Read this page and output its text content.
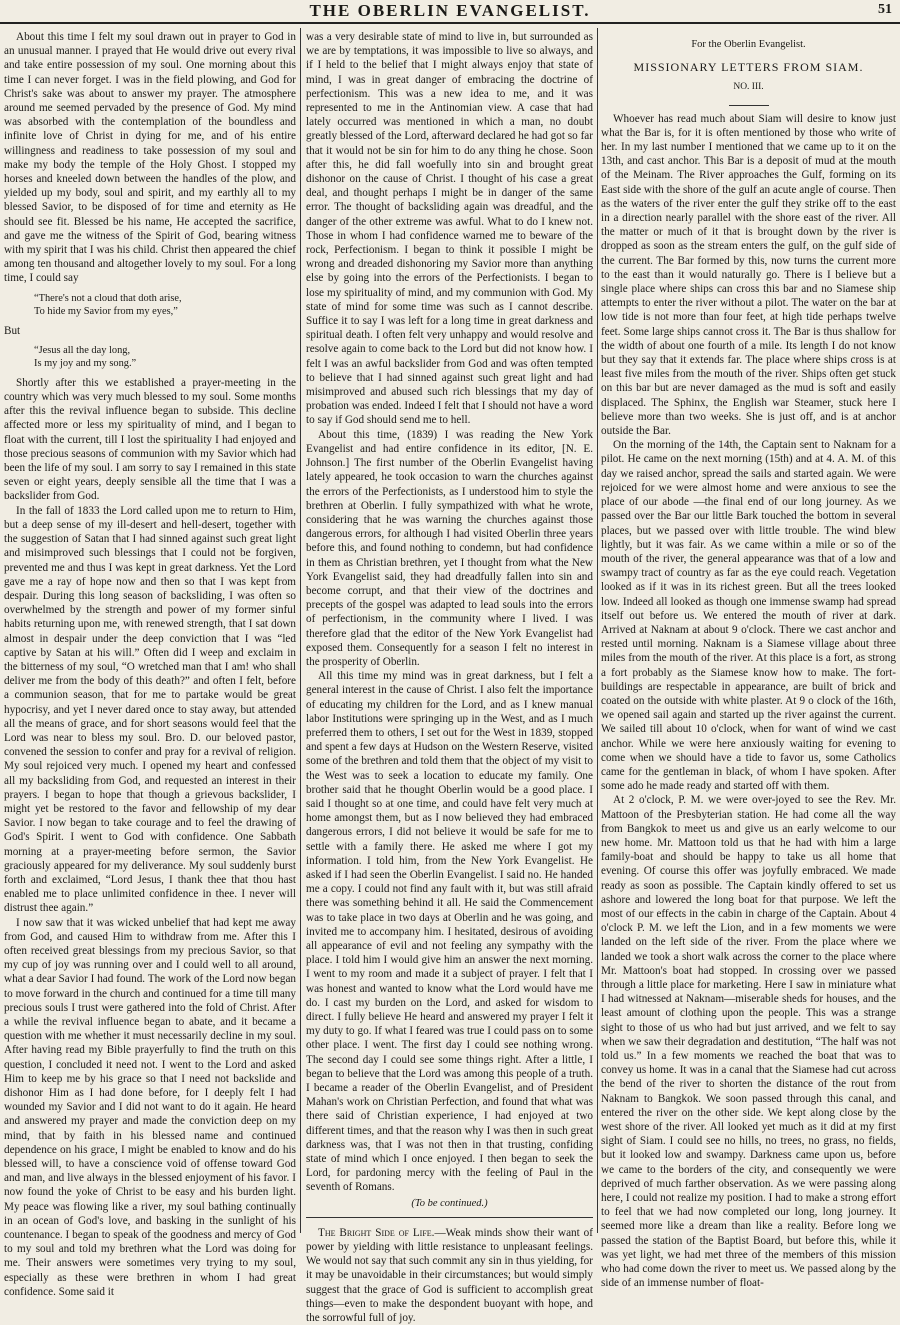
THE OBERLIN EVANGELIST.	51

About this time I felt my soul drawn out in prayer to God in an unusual manner. I prayed that He would drive out every rival and take entire possession of my soul. One morning about this time I can never forget. I was in the field plowing, and God for Christ's sake was about to answer my prayer. The atmosphere around me seemed pervaded by the presence of God. My mind was absorbed with the contemplation of the boundless and infinite love of Christ in dying for me, and of his entire willingness and readiness to take possession of my soul and make my body the temple of the Holy Ghost. I stopped my horses and kneeled down between the handles of the plow, and yielded up my body, soul and spirit, and my earthly all to my blessed Savior, to be disposed of for time and eternity as He should see fit. Blessed be his name, He accepted the sacrifice, and gave me the witness of the Spirit of God, bearing witness with my spirit that I was his child. Christ then appeared the chief among ten thousand and altogether lovely to my soul. For a long time, I could say

“There's not a cloud that doth arise,
To hide my Savior from my eyes,”

But

“Jesus all the day long,
Is my joy and my song.”

Shortly after this we established a prayer-meeting in the country which was very much blessed to my soul. Some months after this the revival influence began to subside. This decline affected more or less my spirituality of mind, and I began to float with the current, till I lost the spirituality I had enjoyed and those precious seasons of communion with my Savior which had been the life of my soul. I am sorry to say I remained in this state seven or eight years, deeply sensible all the time that I was a backslider from God.

In the fall of 1833 the Lord called upon me to return to Him, but a deep sense of my ill-desert and hell-desert, together with the suggestion of Satan that I had sinned against such great light and misimproved such blessings that I could not be forgiven, prevented me and thus I was kept in great darkness. Yet the Lord gave me a ray of hope now and then so that I was kept from despair. During this long season of backsliding, I was often so overwhelmed by the strength and power of my former sinful habits returning upon me, with renewed strength, that I sat down almost in despair under the deep conviction that I was “led captive by Satan at his will.” Often did I weep and exclaim in the bitterness of my soul, “O wretched man that I am! who shall deliver me from the body of this death?” and often I felt, before a communion season, that for me to partake would be great hypocrisy, and yet I never dared once to stay away, but attended all the means of grace, and for short seasons would feel that the Lord was near to bless my soul. Bro. D. our beloved pastor, convened the session to confer and pray for a revival of religion. My soul rejoiced very much. I opened my heart and confessed all my backsliding from God, and requested an interest in their prayers. I began to hope that though a grievous backslider, I might yet be restored to the favor and fellowship of my dear Savior. I now began to take courage and to feel the drawing of God's Spirit. I went to God with confidence. One Sabbath morning at a prayer-meeting before sermon, the Savior graciously appeared for my deliverance. My soul suddenly burst forth and exclaimed, “Lord Jesus, I thank thee that thou hast enabled me to place unlimited confidence in thee. I never will distrust thee again.”

I now saw that it was wicked unbelief that had kept me away from God, and caused Him to withdraw from me. After this I often received great blessings from my precious Savior, so that my cup of joy was running over and I could well to all around, what a dear Savior I had found. The work of the Lord now began to move forward in the church and continued for a time till many precious souls I trust were gathered into the fold of Christ. After a while the revival influence began to abate, and it became a question with me whether it must necessarily decline in my soul. After having read my Bible prayerfully to find the truth on this question, I concluded it need not. I went to the Lord and asked Him to keep me by his grace so that I need not backslide and dishonor Him as I had done before, for I deeply felt I had wounded my Savior and I did not want to do it again. He heard and answered my prayer and made the conviction deep on my mind, that by faith in his blessed name and continued dependence on his grace, I might be enabled to know and do his blessed will, to have a conscience void of offense toward God and man, and live always in the blessed enjoyment of his favor. I now found the yoke of Christ to be easy and his burden light. My peace was flowing like a river, my soul bathing continually in an ocean of God's love, and basking in the sunlight of his countenance. I began to speak of the goodness and mercy of God to my soul and told my brethren what the Lord was doing for me. Their answers were sometimes very trying to my soul, especially as these were brethren in whom I had great confidence. Some said it

was a very desirable state of mind to live in, but surrounded as we are by temptations, it was impossible to live so always, and if I held to the belief that I might always enjoy that state of mind, I was in great danger of embracing the doctrine of perfectionism. This was a new idea to me, and it was represented to me in the Antinomian view. A case that had lately occurred was mentioned in which a man, no doubt greatly blessed of the Lord, afterward declared he had got so far that it would not be sin for him to do any thing he chose. Soon after this, he did fall woefully into sin and brought great dishonor on the cause of Christ. I thought of his case a great deal, and thought perhaps I might be in danger of the same error. The thought of backsliding again was dreadful, and the danger of the other extreme was awful. What to do I knew not. Those in whom I had confidence warned me to beware of the rock, Perfectionism. I began to think it possible I might be wrong and dreaded dishonoring my Savior more than anything else by going into the errors of the Perfectionists. I began to lose my spirituality of mind, and my communion with God. My state of mind for some time was such as I cannot describe. Suffice it to say I was left for a long time in great darkness and spiritual death. I often felt very unhappy and would resolve and resolve again to come back to the Lord but did not know how. I felt I was an awful backslider from God and was often tempted to believe that I had sinned against such great light and had misimproved and abused such rich blessings that my day of probation was ended. Indeed I felt that I should not have a word to say if God should send me to hell.

About this time, (1839) I was reading the New York Evangelist and had entire confidence in its editor, [N. E. Johnson.] The first number of the Oberlin Evangelist having lately appeared, he took occasion to warn the churches against the errors of the Perfectionists, as I understood him to style the brethren at Oberlin. I fully sympathized with what he wrote, considering that he was warning the churches against those dangerous errors, for although I had visited Oberlin three years before this, and found nothing to condemn, but had confidence in them as Christian brethren, yet I thought from what the New York Evangelist said, they had dreadfully fallen into sin and become corrupt, and that their view of the doctrines and precepts of the gospel was adapted to lead souls into the errors of perfectionism, in the community where I lived. I was therefore glad that the editor of the New York Evangelist had exposed them. Consequently for a season I felt no interest in the prosperity of Oberlin.

All this time my mind was in great darkness, but I felt a general interest in the cause of Christ. I also felt the importance of educating my children for the Lord, and as I knew manual labor Institutions were springing up in the West, and as I much preferred them to others, I set out for the West in 1839, stopped and spent a few days at Hudson on the Western Reserve, visited some of the brethren and told them that the object of my visit to the West was to seek a location to educate my family. One brother said that he thought Oberlin would be a good place. I said I thought so at one time, and could have felt very much at home amongst them, but as I now believed they had embraced dangerous errors, I did not believe it would be safe for me to settle with a family there. He asked me where I got my information. I told him, from the New York Evangelist. He asked if I had seen the Oberlin Evangelist. I said no. He handed me a copy. I could not find any fault with it, but was still afraid there was something behind it all. He said the Commencement was to take place in two days at Oberlin and he was going, and invited me to accompany him. I hesitated, desirous of avoiding all appearance of evil and not feeling any sympathy with the place. I told him I would give him an answer the next morning. I went to my room and made it a subject of prayer. I felt that I was honest and wanted to know what the Lord would have me do. I cast my burden on the Lord, and asked for wisdom to direct. I fully believe He heard and answered my prayer I felt it my duty to go. If what I feared was true I could pass on to some other place. I went. The first day I could see nothing wrong. The second day I could see some things right. After a little, I began to believe that the Lord was among this people of a truth. I became a reader of the Oberlin Evangelist, and of President Mahan's work on Christian Perfection, and found that what was there said of Christian experience, I had enjoyed at two different times, and that the reason why I was then in such great darkness was, that I was not then in that trusting, confiding state of mind which I once enjoyed. I then began to seek the Lord, for pardoning mercy with the feeling of Paul in the seventh of Romans.

(To be continued.)

The Bright Side of Life.—Weak minds show their want of power by yielding with little resistance to unpleasant feelings. We would not say that such commit any sin in thus yielding, for it may be unavoidable in their circumstances; but would simply suggest that the grace of God is sufficient to accomplish great things—even to make the despondent buoyant with hope, and the sorrowful full of joy.

For the Oberlin Evangelist.
MISSIONARY LETTERS FROM SIAM.
NO. III.

Whoever has read much about Siam will desire to know just what the Bar is, for it is often mentioned by those who write of her. In my last number I mentioned that we came up to it on the 13th, and cast anchor. This Bar is a deposit of mud at the mouth of the Meinam. The River approaches the Gulf, forming on its East side with the shore of the gulf an acute angle of course. Then as the waters of the river enter the gulf they strike off to the east in a direction nearly parallel with the shore east of the river. All the matter or much of it that is brought down by the river is dropped as soon as the stream enters the gulf, on the gulf side of the current. The Bar formed by this, now turns the current more to the east than it would naturally go. There is I believe but a single place where ships can cross this bar and no Siamese ship attempts to enter the river without a pilot. The water on the bar at low tide is not more than four feet, at high tide perhaps twelve feet. Some large ships cannot cross it. The Bar is thus shallow for the width of about one fourth of a mile. Its length I do not know but they say that it extends far. The place where ships cross is at least five miles from the mouth of the river. Ships often get stuck on this bar but are never damaged as the mud is soft and easily displaced. The Sphinx, the English war Steamer, stuck here I believe more than two weeks. She is just off, and is at anchor outside the Bar.

On the morning of the 14th, the Captain sent to Naknam for a pilot. He came on the next morning (15th) and at 4. A. M. of this day we raised anchor, spread the sails and started again. We were rejoiced for we were almost home and were anxious to see the place of our abode —the final end of our long journey. As we passed over the Bar our little Bark touched the bottom in several places, but we passed over with little trouble. The wind blew lightly, but it was fair. As we came within a mile or so of the mouth of the river, the general appearance was that of a low and swampy tract of country as far as the eye could reach. Vegetation looked as if it was in its richest green. But all the trees looked low. Indeed all looked as though one immense swamp had spread itself out before us. We entered the mouth of river at dark. Arrived at Naknam at about 9 o'clock. There we cast anchor and rested until morning. Naknam is a Siamese village about three miles from the mouth of the river. At this place is a fort, as strong a fort probably as the Siamese know how to make. The fort-buildings are respectable in appearance, are built of brick and coated on the outside with white plaster. At 9 o clock of the 16th, we opened sail again and started up the river against the current. We sailed till about 10 o'clock, when for want of wind we cast anchor. While we were here anxiously waiting for evening to come when we should have a tide to favor us, some Catholics came for the gentleman in black, of whom I have spoken. After some ado he made ready and started off with them.

At 2 o'clock, P. M. we were over-joyed to see the Rev. Mr. Mattoon of the Presbyterian station. He had come all the way from Bangkok to meet us and give us an early welcome to our new home. Mr. Mattoon told us that he had with him a large family-boat and should be happy to take us all home that evening. Of course this offer was joyfully embraced. We made ready as soon as possible. The Captain kindly offered to set us ashore and lowered the long boat for that purpose. We left the most of our effects in the cabin in charge of the Captain. About 4 o'clock P. M. we left the Lion, and in a few moments we were landed on the left side of the river. From the place where we landed we took a short walk across the corner to the place where Mr. Mattoon's boat had stopped. In crossing over we passed through a little place for marketing. Here I saw in miniature what I had witnessed at Naknam—miserable sheds for houses, and the least amount of clothing upon the people. This was a strange sight to those of us who had but just arrived, and we felt to say when we saw their degradation and destitution, “The half was not told us.” In a few moments we reached the boat that was to convey us home. It was in a canal that the Siamese had cut across the bend of the river to shorten the distance of the rout from Naknam to Bangkok. We soon passed through this canal, and entered the river on the other side. We kept along close by the west shore of the river. All looked yet much as it did at my first sight of Siam. I could see no hills, no trees, no grass, no fields, but it looked low and swampy. Darkness came upon us, before we came to the borders of the city, and consequently we were deprived of much farther observation. As we were passing along here, I could not realize my position. I had to make a strong effort to feel that we had now completed our long, long journey. It seemed more like a dream than like a reality. Before long we passed the station of the Baptist Board, but before this, while it was yet light, we had met three of the members of this mission who had come down the river to meet us. We passed along by the side of an immense number of float-
